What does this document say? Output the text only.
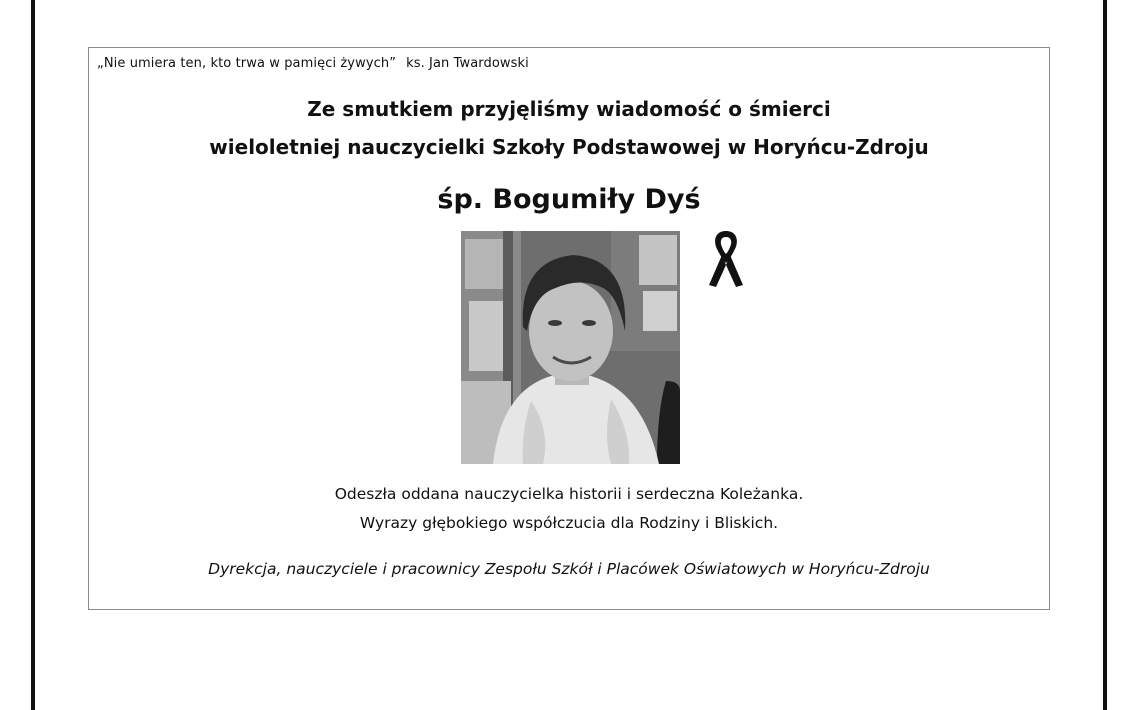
„Nie umiera ten, kto trwa w pamięci żywych” ks. Jan Twardowski
Ze smutkiem przyjęliśmy wiadomość o śmierci
wieloletniej nauczycielki Szkoły Podstawowej w Horyńcu-Zdroju
śp. Bogumiły Dyś
Odeszła oddana nauczycielka historii i serdeczna Koleżanka.
Wyrazy głębokiego współczucia dla Rodziny i Bliskich.
Dyrekcja, nauczyciele i pracownicy Zespołu Szkół i Placówek Oświatowych w Horyńcu-Zdroju
